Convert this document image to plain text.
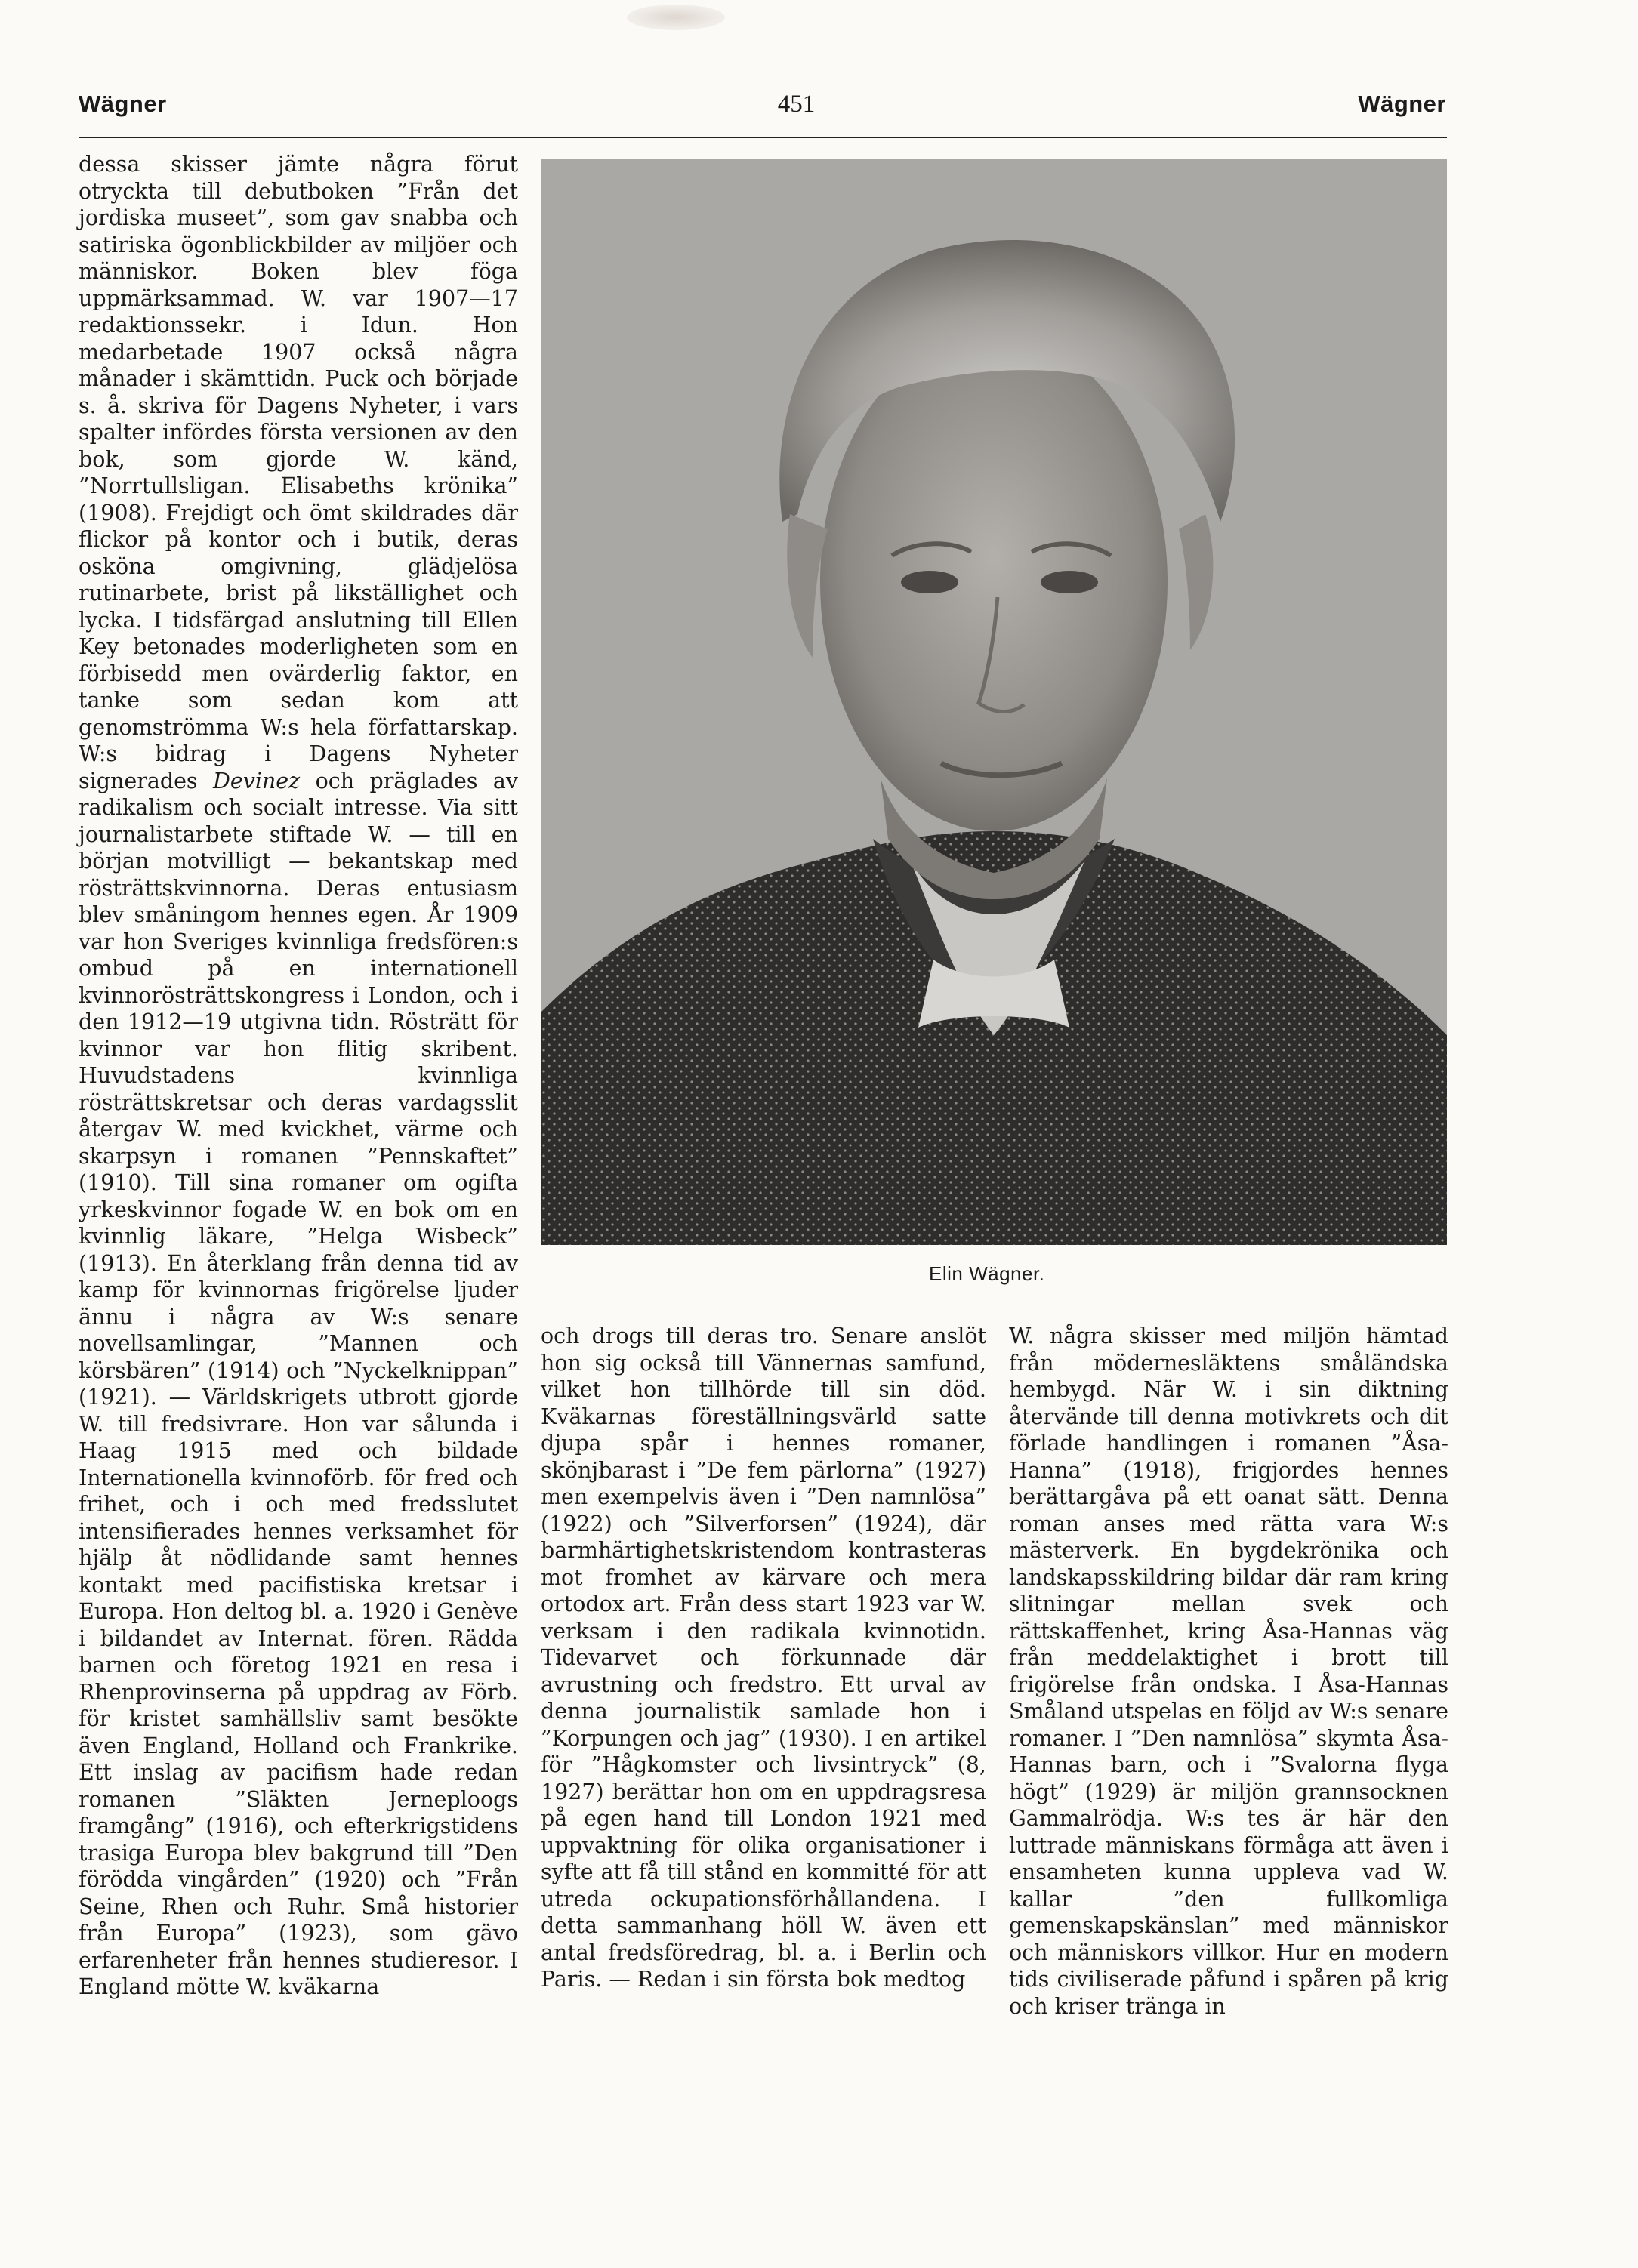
Wägner	451	Wägner

dessa skisser jämte några förut otryckta till debutboken ”Från det jordiska museet”, som gav snabba och satiriska ögonblickbilder av miljöer och människor. Boken blev föga uppmärksammad. W. var 1907—17 redaktionssekr. i Idun. Hon medarbetade 1907 också några månader i skämttidn. Puck och började s. å. skriva för Dagens Nyheter, i vars spalter infördes första versionen av den bok, som gjorde W. känd, ”Norrtullsligan. Elisabeths krönika” (1908). Frejdigt och ömt skildrades där flickor på kontor och i butik, deras osköna omgivning, glädjelösa rutinarbete, brist på likställighet och lycka. I tidsfärgad anslutning till Ellen Key betonades moderligheten som en förbisedd men ovärderlig faktor, en tanke som sedan kom att genomströmma W:s hela författarskap. W:s bidrag i Dagens Nyheter signerades Devinez och präglades av radikalism och socialt intresse. Via sitt journalistarbete stiftade W. — till en början motvilligt — bekantskap med rösträttskvinnorna. Deras entusiasm blev småningom hennes egen. År 1909 var hon Sveriges kvinnliga fredsfören:s ombud på en internationell kvinnorösträttskongress i London, och i den 1912—19 utgivna tidn. Rösträtt för kvinnor var hon flitig skribent. Huvudstadens kvinnliga rösträttskretsar och deras vardagsslit återgav W. med kvickhet, värme och skarpsyn i romanen ”Pennskaftet” (1910). Till sina romaner om ogifta yrkeskvinnor fogade W. en bok om en kvinnlig läkare, ”Helga Wisbeck” (1913). En återklang från denna tid av kamp för kvinnornas frigörelse ljuder ännu i några av W:s senare novellsamlingar, ”Mannen och körsbären” (1914) och ”Nyckelknippan” (1921). — Världskrigets utbrott gjorde W. till fredsivrare. Hon var sålunda i Haag 1915 med och bildade Internationella kvinnoförb. för fred och frihet, och i och med fredsslutet intensifierades hennes verksamhet för hjälp åt nödlidande samt hennes kontakt med pacifistiska kretsar i Europa. Hon deltog bl. a. 1920 i Genève i bildandet av Internat. fören. Rädda barnen och företog 1921 en resa i Rhenprovinserna på uppdrag av Förb. för kristet samhällsliv samt besökte även England, Holland och Frankrike. Ett inslag av pacifism hade redan romanen ”Släkten Jerneploogs framgång” (1916), och efterkrigstidens trasiga Europa blev bakgrund till ”Den förödda vingården” (1920) och ”Från Seine, Rhen och Ruhr. Små historier från Europa” (1923), som gävo erfarenheter från hennes studieresor. I England mötte W. kväkarna

Elin Wägner.

och drogs till deras tro. Senare anslöt hon sig också till Vännernas samfund, vilket hon tillhörde till sin död. Kväkarnas föreställningsvärld satte djupa spår i hennes romaner, skönjbarast i ”De fem pärlorna” (1927) men exempelvis även i ”Den namnlösa” (1922) och ”Silverforsen” (1924), där barmhärtighetskristendom kontrasteras mot fromhet av kärvare och mera ortodox art. Från dess start 1923 var W. verksam i den radikala kvinnotidn. Tidevarvet och förkunnade där avrustning och fredstro. Ett urval av denna journalistik samlade hon i ”Korpungen och jag” (1930). I en artikel för ”Hågkomster och livsintryck” (8, 1927) berättar hon om en uppdragsresa på egen hand till London 1921 med uppvaktning för olika organisationer i syfte att få till stånd en kommitté för att utreda ockupationsförhållandena. I detta sammanhang höll W. även ett antal fredsföredrag, bl. a. i Berlin och Paris. — Redan i sin första bok medtog

W. några skisser med miljön hämtad från mödernesläktens småländska hembygd. När W. i sin diktning återvände till denna motivkrets och dit förlade handlingen i romanen ”Åsa-Hanna” (1918), frigjordes hennes berättargåva på ett oanat sätt. Denna roman anses med rätta vara W:s mästerverk. En bygdekrönika och landskapsskildring bildar där ram kring slitningar mellan svek och rättskaffenhet, kring Åsa-Hannas väg från meddelaktighet i brott till frigörelse från ondska. I Åsa-Hannas Småland utspelas en följd av W:s senare romaner. I ”Den namnlösa” skymta Åsa-Hannas barn, och i ”Svalorna flyga högt” (1929) är miljön grannsocknen Gammalrödja. W:s tes är här den luttrade människans förmåga att även i ensamheten kunna uppleva vad W. kallar ”den fullkomliga gemenskapskänslan” med människor och människors villkor. Hur en modern tids civiliserade påfund i spåren på krig och kriser tränga in
